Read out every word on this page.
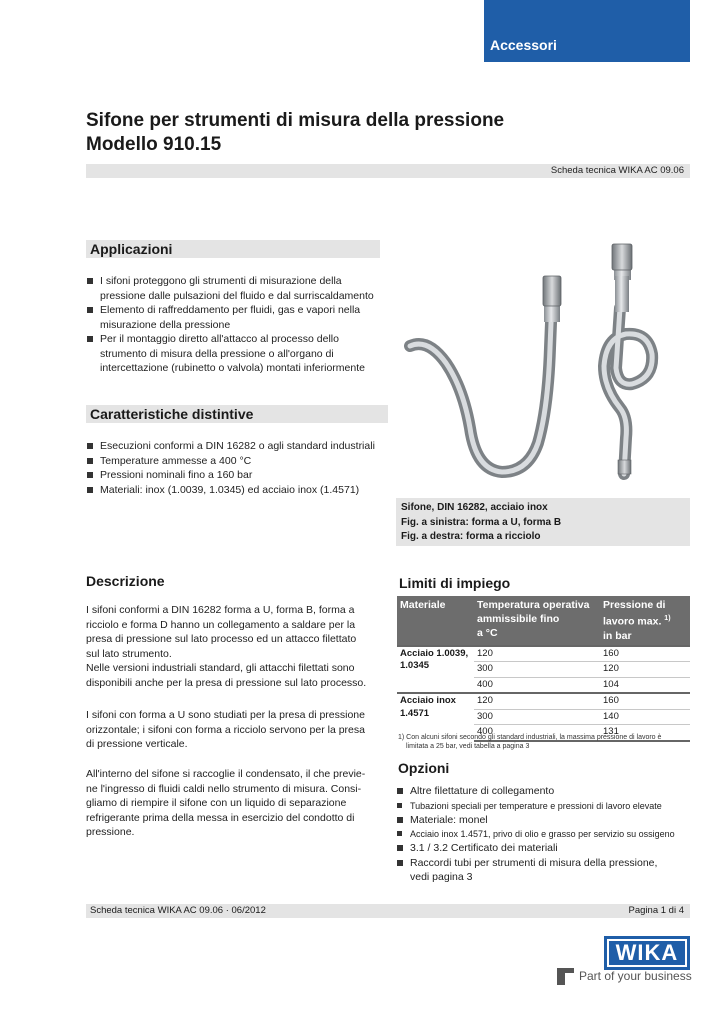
Accessori
Sifone per strumenti di misura della pressione
Modello 910.15
Scheda tecnica WIKA AC 09.06
Applicazioni
I sifoni proteggono gli strumenti di misurazione della pressione dalle pulsazioni del fluido e dal surriscaldamento
Elemento di raffreddamento per fluidi, gas e vapori nella misurazione della pressione
Per il montaggio diretto all'attacco al processo dello strumento di misura della pressione o all'organo di intercettazione (rubinetto o valvola) montati inferiormente
Caratteristiche distintive
Esecuzioni conformi a DIN 16282 o agli standard industriali
Temperature ammesse a 400 °C
Pressioni nominali fino a 160 bar
Materiali: inox (1.0039, 1.0345) ed acciaio inox (1.4571)
Sifone, DIN 16282, acciaio inox
Fig. a sinistra: forma a U, forma B
Fig. a destra: forma a ricciolo
Descrizione
I sifoni conformi a DIN 16282 forma a U, forma B, forma a
ricciolo e forma D hanno un collegamento a saldare per la
presa di pressione sul lato processo ed un attacco filettato
sul lato strumento.
Nelle versioni industriali standard, gli attacchi filettati sono
disponibili anche per la presa di pressione sul lato processo.
I sifoni con forma a U sono studiati per la presa di pressione
orizzontale; i sifoni con forma a ricciolo servono per la presa
di pressione verticale.
All'interno del sifone si raccoglie il condensato, il che previe-
ne l'ingresso di fluidi caldi nello strumento di misura. Consi-
gliamo di riempire il sifone con un liquido di separazione
refrigerante prima della messa in esercizio del condotto di
pressione.
Limiti di impiego
Materiale	Temperatura operativa
ammissibile fino
a °C	Pressione di
lavoro max. $^{1)}$
in bar
Acciaio 1.0039,
1.0345	120	160
	300	120
	400	104
Acciaio inox
1.4571	120	160
	300	140
	400	131
1) Con alcuni sifoni secondo gli standard industriali, la massima pressione di lavoro è
limitata a 25 bar, vedi tabella a pagina 3
Opzioni
Altre filettature di collegamento
Tubazioni speciali per temperature e pressioni di lavoro elevate
Materiale: monel
Acciaio inox 1.4571, privo di olio e grasso per servizio su ossigeno
3.1 / 3.2 Certificato dei materiali
Raccordi tubi per strumenti di misura della pressione,
vedi pagina 3
Scheda tecnica WIKA AC 09.06 · 06/2012	Pagina 1 di 4
WIKA
Part of your business
